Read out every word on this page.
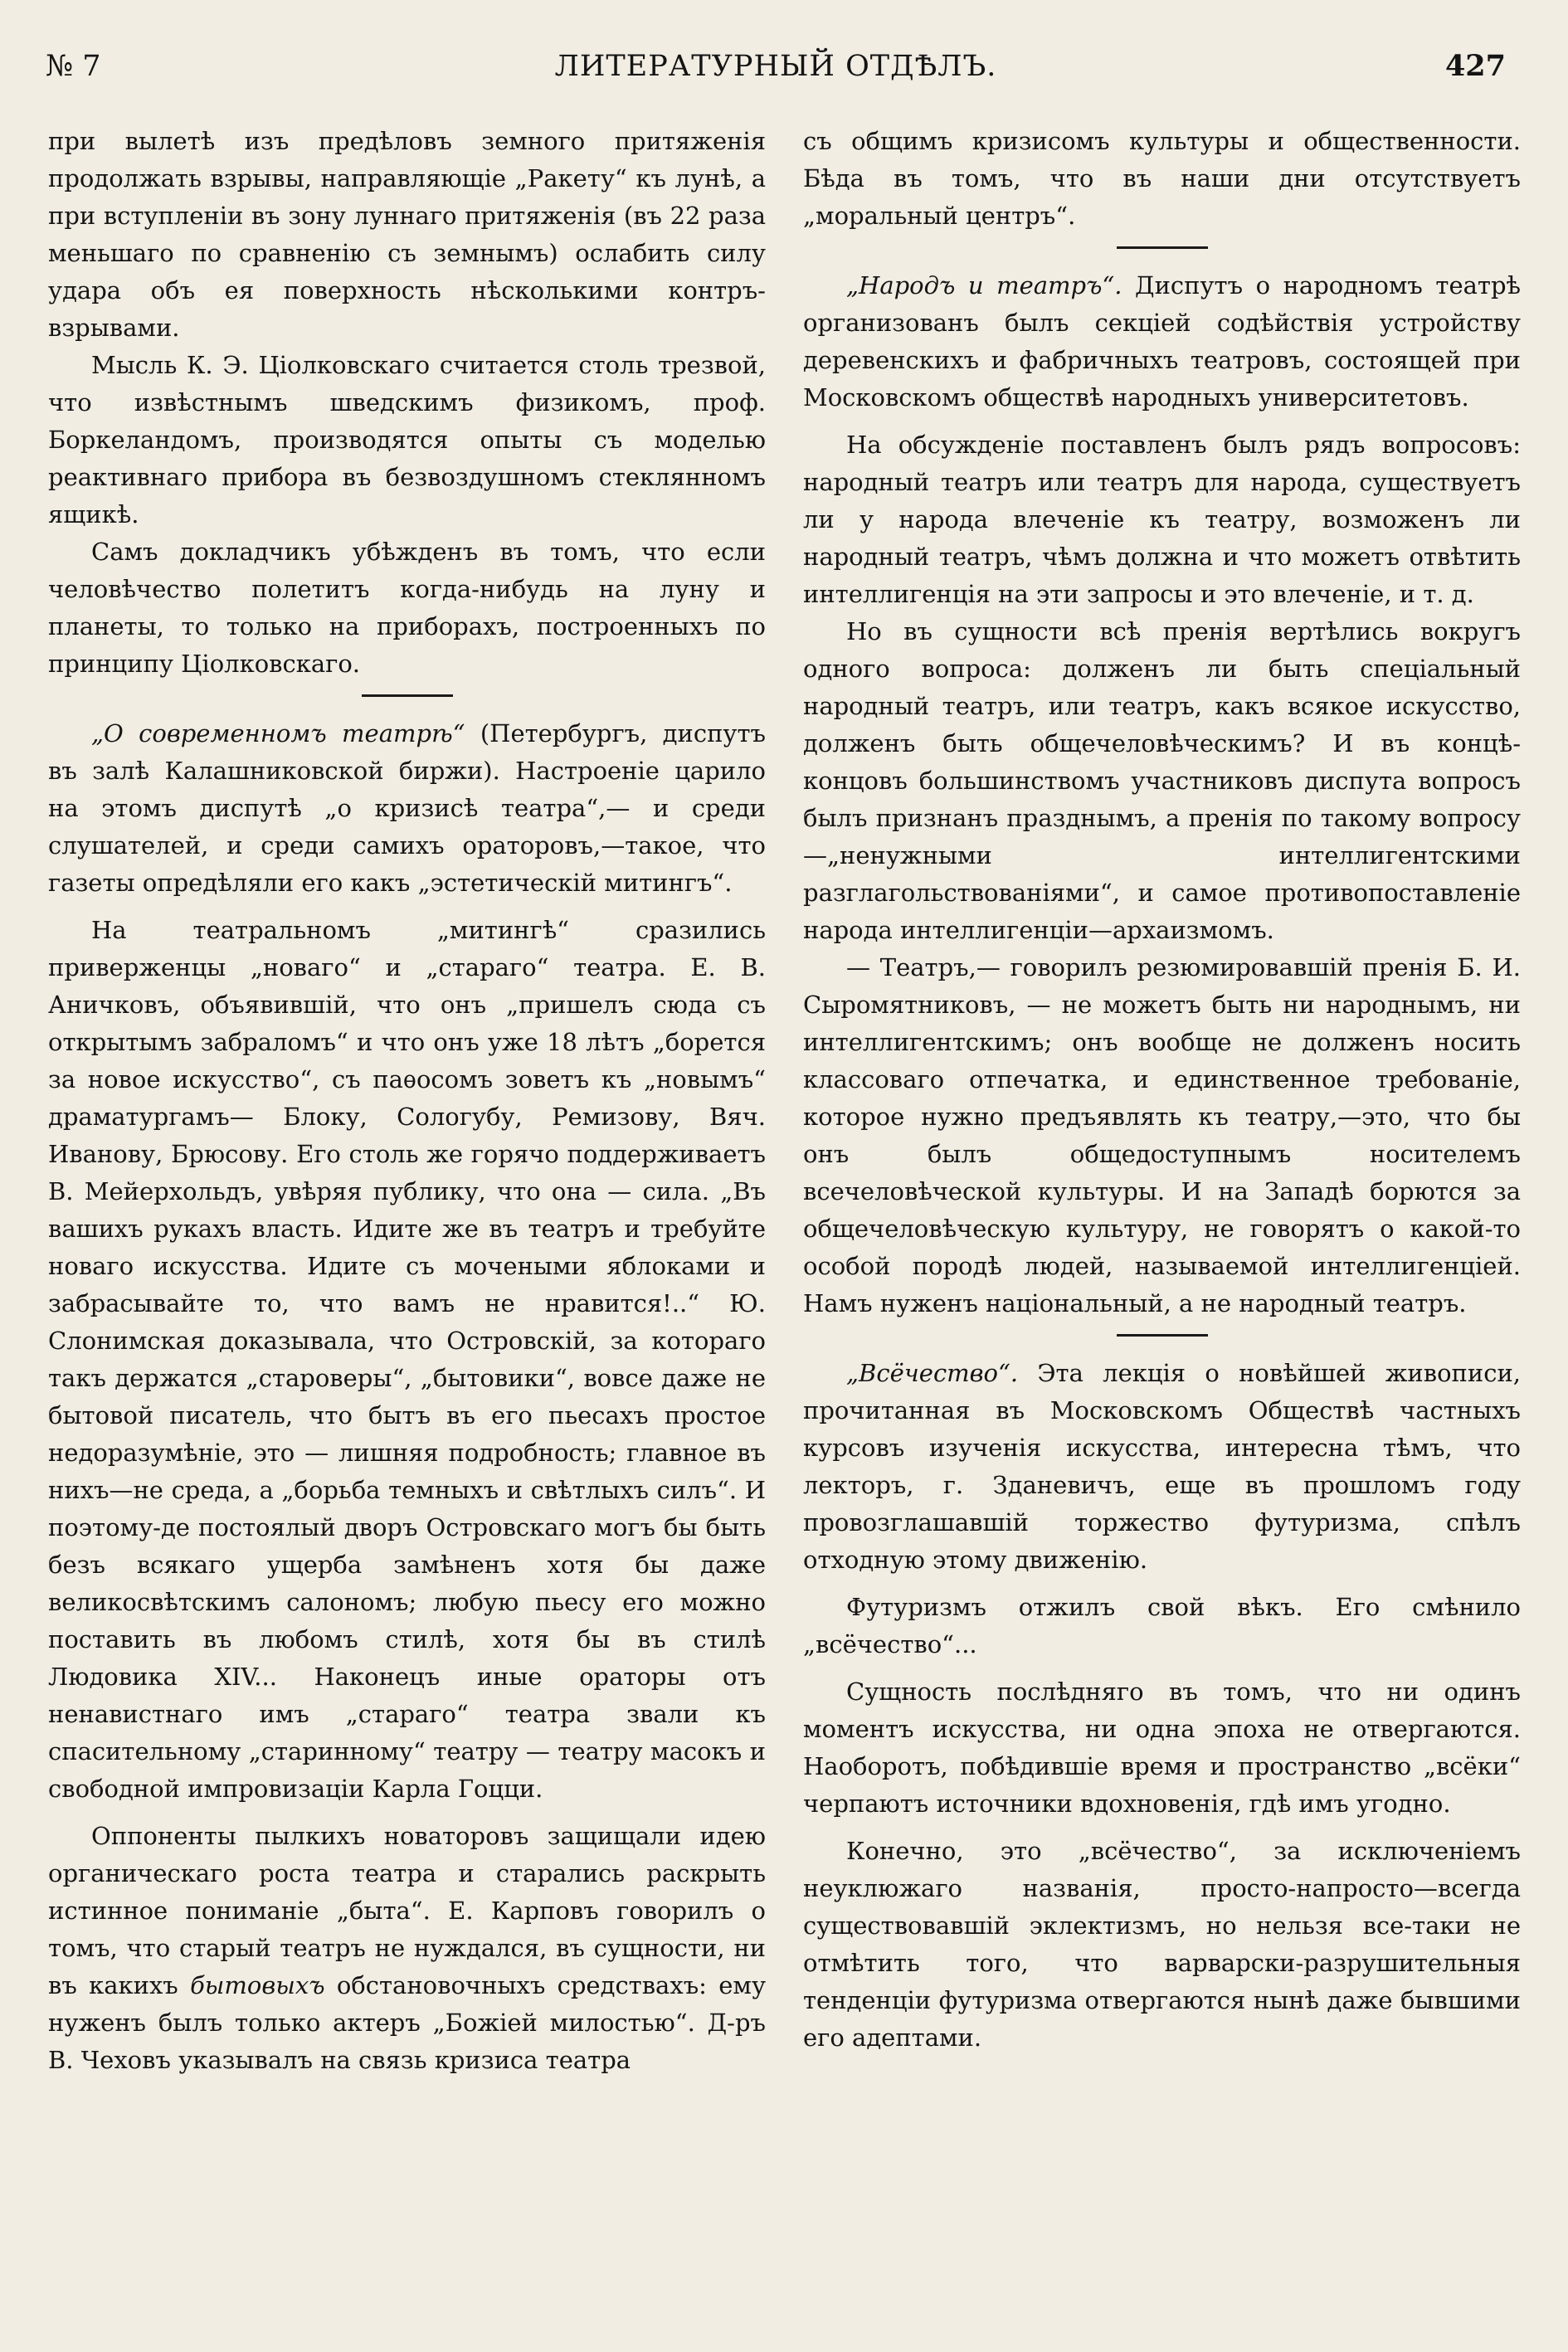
№ 7	ЛИТЕРАТУРНЫЙ ОТДѢЛЪ.	427

при вылетѣ изъ предѣловъ земного притяженія продолжать взрывы, направляющіе „Ракету“ къ лунѣ, а при вступленіи въ зону луннаго притяженія (въ 22 раза меньшаго по сравненію съ земнымъ) ослабить силу удара объ ея поверхность нѣсколькими контръ-взрывами.

Мысль К. Э. Ціолковскаго считается столь трезвой, что извѣстнымъ шведскимъ физикомъ, проф. Боркеландомъ, производятся опыты съ моделью реактивнаго прибора въ безвоздушномъ стеклянномъ ящикѣ.

Самъ докладчикъ убѣжденъ въ томъ, что если человѣчество полетитъ когда-нибудь на луну и планеты, то только на приборахъ, построенныхъ по принципу Ціолковскаго.

„О современномъ театрѣ“ (Петербургъ, диспутъ въ залѣ Калашниковской биржи). Настроеніе царило на этомъ диспутѣ „о кризисѣ театра“,— и среди слушателей, и среди самихъ ораторовъ,—такое, что газеты опредѣляли его какъ „эстетическій митингъ“.

На театральномъ „митингѣ“ сразились приверженцы „новаго“ и „стараго“ театра. Е. В. Аничковъ, объявившій, что онъ „пришелъ сюда съ открытымъ забраломъ“ и что онъ уже 18 лѣтъ „борется за новое искусство“, съ паѳосомъ зоветъ къ „новымъ“ драматургамъ— Блоку, Сологубу, Ремизову, Вяч. Иванову, Брюсову. Его столь же горячо поддерживаетъ В. Мейерхольдъ, увѣряя публику, что она — сила. „Въ вашихъ рукахъ власть. Идите же въ театръ и требуйте новаго искусства. Идите съ мочеными яблоками и забрасывайте то, что вамъ не нравится!..“ Ю. Слонимская доказывала, что Островскій, за котораго такъ держатся „староверы“, „бытовики“, вовсе даже не бытовой писатель, что бытъ въ его пьесахъ простое недоразумѣніе, это — лишняя подробность; главное въ нихъ—не среда, а „борьба темныхъ и свѣтлыхъ силъ“. И поэтому-де постоялый дворъ Островскаго могъ бы быть безъ всякаго ущерба замѣненъ хотя бы даже великосвѣтскимъ салономъ; любую пьесу его можно поставить въ любомъ стилѣ, хотя бы въ стилѣ Людовика XIV... Наконецъ иные ораторы отъ ненавистнаго имъ „стараго“ театра звали къ спасительному „старинному“ театру — театру масокъ и свободной импровизаціи Карла Гоцци.

Оппоненты пылкихъ новаторовъ защищали идею органическаго роста театра и старались раскрыть истинное пониманіе „быта“. Е. Карповъ говорилъ о томъ, что старый театръ не нуждался, въ сущности, ни въ какихъ бытовыхъ обстановочныхъ средствахъ: ему нуженъ былъ только актеръ „Божіей милостью“. Д-ръ В. Чеховъ указывалъ на связь кризиса театра

съ общимъ кризисомъ культуры и общественности. Бѣда въ томъ, что въ наши дни отсутствуетъ „моральный центръ“.

„Народъ и театръ“. Диспутъ о народномъ театрѣ организованъ былъ секціей содѣйствія устройству деревенскихъ и фабричныхъ театровъ, состоящей при Московскомъ обществѣ народныхъ университетовъ.

На обсужденіе поставленъ былъ рядъ вопросовъ: народный театръ или театръ для народа, существуетъ ли у народа влеченіе къ театру, возможенъ ли народный театръ, чѣмъ должна и что можетъ отвѣтить интеллигенція на эти запросы и это влеченіе, и т. д.

Но въ сущности всѣ пренія вертѣлись вокругъ одного вопроса: долженъ ли быть спеціальный народный театръ, или театръ, какъ всякое искусство, долженъ быть общечеловѣческимъ? И въ концѣ-концовъ большинствомъ участниковъ диспута вопросъ былъ признанъ празднымъ, а пренія по такому вопросу—„ненужными интеллигентскими разглагольствованіями“, и самое противопоставленіе народа интеллигенціи—архаизмомъ.

— Театръ,— говорилъ резюмировавшій пренія Б. И. Сыромятниковъ, — не можетъ быть ни народнымъ, ни интеллигентскимъ; онъ вообще не долженъ носить классоваго отпечатка, и единственное требованіе, которое нужно предъявлять къ театру,—это, что бы онъ былъ общедоступнымъ носителемъ всечеловѣческой культуры. И на Западѣ борются за общечеловѣческую культуру, не говорятъ о какой-то особой породѣ людей, называемой интеллигенціей. Намъ нуженъ національный, а не народный театръ.

„Всёчество“. Эта лекція о новѣйшей живописи, прочитанная въ Московскомъ Обществѣ частныхъ курсовъ изученія искусства, интересна тѣмъ, что лекторъ, г. Зданевичъ, еще въ прошломъ году провозглашавшій торжество футуризма, спѣлъ отходную этому движенію.

Футуризмъ отжилъ свой вѣкъ. Его смѣнило „всёчество“...

Сущность послѣдняго въ томъ, что ни одинъ моментъ искусства, ни одна эпоха не отвергаются. Наоборотъ, побѣдившіе время и пространство „всёки“ черпаютъ источники вдохновенія, гдѣ имъ угодно.

Конечно, это „всёчество“, за исключеніемъ неуклюжаго названія, просто-напросто—всегда существовавшій эклектизмъ, но нельзя все-таки не отмѣтить того, что варварски-разрушительныя тенденціи футуризма отвергаются нынѣ даже бывшими его адептами.
